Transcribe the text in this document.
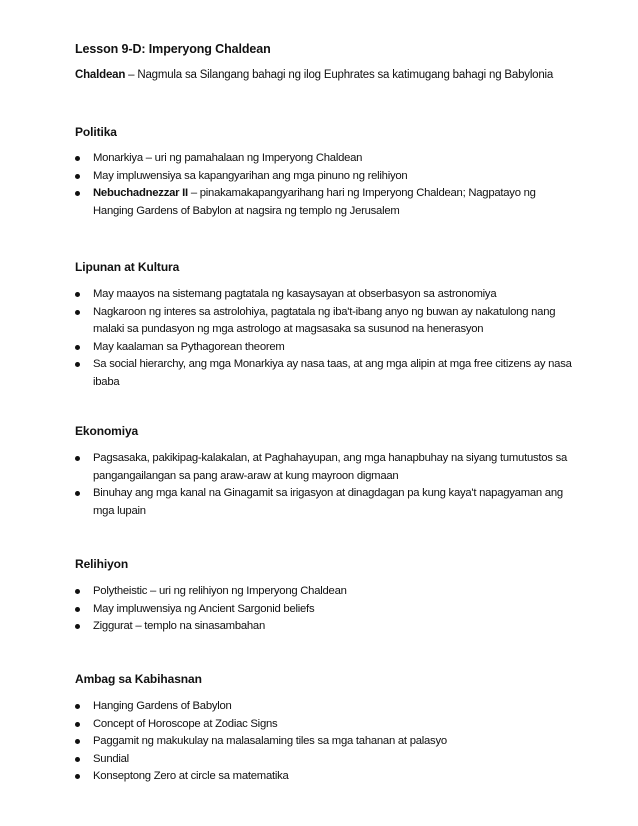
Lesson 9-D: Imperyong Chaldean
Chaldean – Nagmula sa Silangang bahagi ng ilog Euphrates sa katimugang bahagi ng Babylonia
Politika
Monarkiya – uri ng pamahalaan ng Imperyong Chaldean
May impluwensiya sa kapangyarihan ang mga pinuno ng relihiyon
Nebuchadnezzar II – pinakamakapangyarihang hari ng Imperyong Chaldean; Nagpatayo ng Hanging Gardens of Babylon at nagsira ng templo ng Jerusalem
Lipunan at Kultura
May maayos na sistemang pagtatala ng kasaysayan at obserbasyon sa astronomiya
Nagkaroon ng interes sa astrolohiya, pagtatala ng iba't-ibang anyo ng buwan ay nakatulong nang malaki sa pundasyon ng mga astrologo at magsasaka sa susunod na henerasyon
May kaalaman sa Pythagorean theorem
Sa social hierarchy, ang mga Monarkiya ay nasa taas, at ang mga alipin at mga free citizens ay nasa ibaba
Ekonomiya
Pagsasaka, pakikipag-kalakalan, at Paghahayupan, ang mga hanapbuhay na siyang tumutustos sa pangangailangan sa pang araw-araw at kung mayroon digmaan
Binuhay ang mga kanal na Ginagamit sa irigasyon at dinagdagan pa kung kaya't napagyaman ang mga lupain
Relihiyon
Polytheistic – uri ng relihiyon ng Imperyong Chaldean
May impluwensiya ng Ancient Sargonid beliefs
Ziggurat – templo na sinasambahan
Ambag sa Kabihasnan
Hanging Gardens of Babylon
Concept of Horoscope at Zodiac Signs
Paggamit ng makukulay na malasalaming tiles sa mga tahanan at palasyo
Sundial
Konseptong Zero at circle sa matematika
